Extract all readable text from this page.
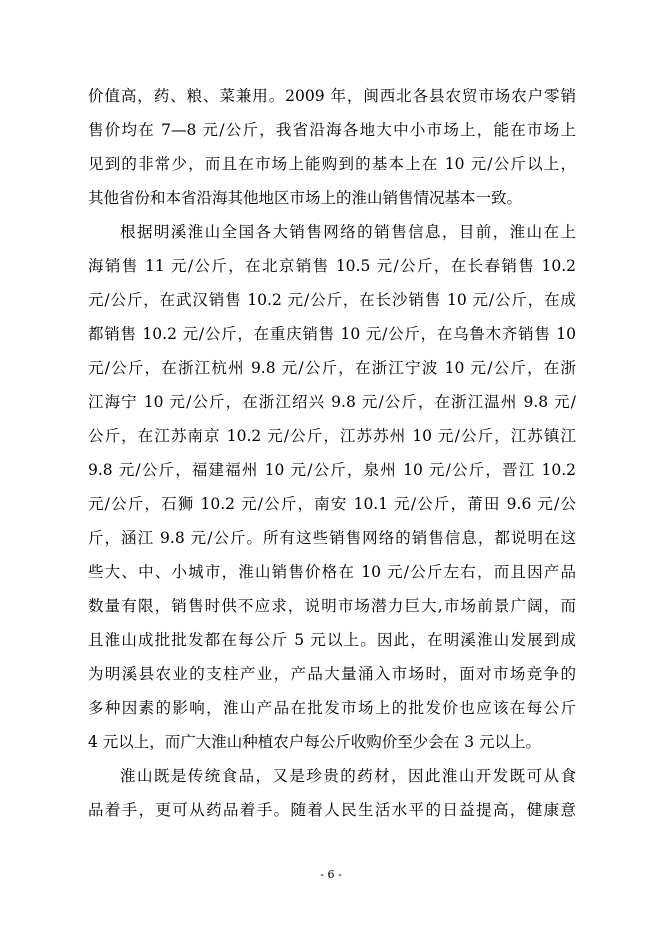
价值高，药、粮、菜兼用。2009 年，闽西北各县农贸市场农户零销
售价均在 7—8 元/公斤，我省沿海各地大中小市场上，能在市场上
见到的非常少，而且在市场上能购到的基本上在 10 元/公斤以上，
其他省份和本省沿海其他地区市场上的淮山销售情况基本一致。
根据明溪淮山全国各大销售网络的销售信息，目前，淮山在上
海销售 11 元/公斤，在北京销售 10.5 元/公斤，在长春销售 10.2
元/公斤，在武汉销售 10.2 元/公斤，在长沙销售 10 元/公斤，在成
都销售 10.2 元/公斤，在重庆销售 10 元/公斤，在乌鲁木齐销售 10
元/公斤，在浙江杭州 9.8 元/公斤，在浙江宁波 10 元/公斤，在浙
江海宁 10 元/公斤，在浙江绍兴 9.8 元/公斤，在浙江温州 9.8 元/
公斤，在江苏南京 10.2 元/公斤，江苏苏州 10 元/公斤，江苏镇江
9.8 元/公斤，福建福州 10 元/公斤，泉州 10 元/公斤，晋江 10.2
元/公斤，石狮 10.2 元/公斤，南安 10.1 元/公斤，莆田 9.6 元/公
斤，涵江 9.8 元/公斤。所有这些销售网络的销售信息，都说明在这
些大、中、小城市，淮山销售价格在 10 元/公斤左右，而且因产品
数量有限，销售时供不应求，说明市场潜力巨大,市场前景广阔，而
且淮山成批批发都在每公斤 5 元以上。因此，在明溪淮山发展到成
为明溪县农业的支柱产业，产品大量涌入市场时，面对市场竞争的
多种因素的影响，淮山产品在批发市场上的批发价也应该在每公斤
4 元以上，而广大淮山种植农户每公斤收购价至少会在 3 元以上。
淮山既是传统食品，又是珍贵的药材，因此淮山开发既可从食
品着手，更可从药品着手。随着人民生活水平的日益提高，健康意
- 6 -
